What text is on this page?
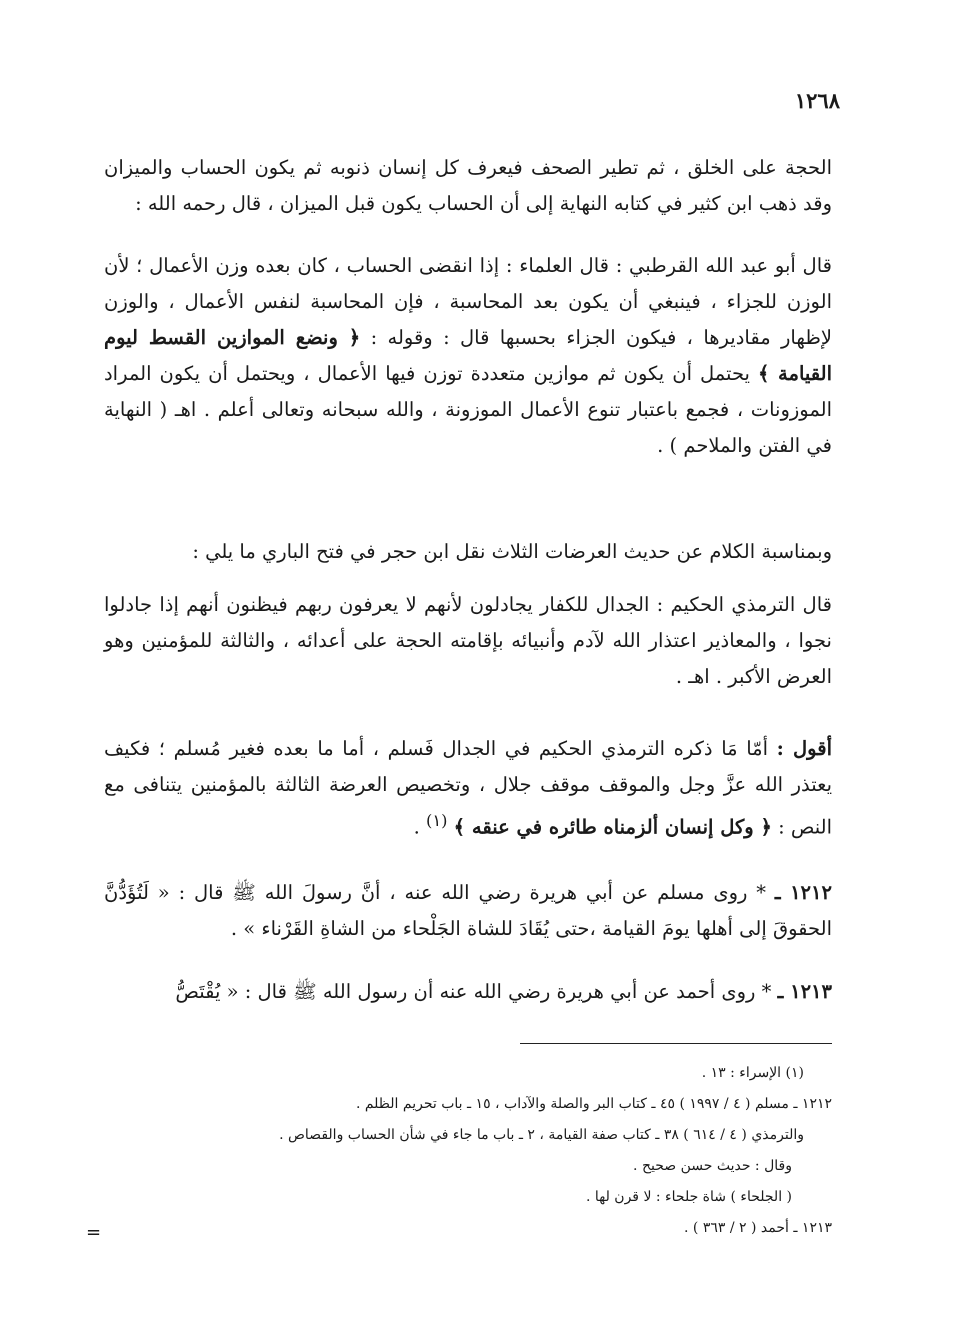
١٢٦٨
الحجة على الخلق ، ثم تطير الصحف فيعرف كل إنسان ذنوبه ثم يكون الحساب والميزان وقد ذهب ابن كثير في كتابه النهاية إلى أن الحساب يكون قبل الميزان ، قال رحمه الله :
قال أبو عبد الله القرطبي : قال العلماء : إذا انقضى الحساب ، كان بعده وزن الأعمال ؛ لأن الوزن للجزاء ، فينبغي أن يكون بعد المحاسبة ، فإن المحاسبة لنفس الأعمال ، والوزن لإظهار مقاديرها ، فيكون الجزاء بحسبها قال : وقوله : ﴿ ونضع الموازين القسط ليوم القيامة ﴾ يحتمل أن يكون ثم موازين متعددة توزن فيها الأعمال ، ويحتمل أن يكون المراد الموزونات ، فجمع باعتبار تنوع الأعمال الموزونة ، والله سبحانه وتعالى أعلم . اهـ ( النهاية في الفتن والملاحم ) .
وبمناسبة الكلام عن حديث العرضات الثلاث نقل ابن حجر في فتح الباري ما يلي :
قال الترمذي الحكيم : الجدال للكفار يجادلون لأنهم لا يعرفون ربهم فيظنون أنهم إذا جادلوا نجوا ، والمعاذير اعتذار الله لآدم وأنبيائه بإقامته الحجة على أعدائه ، والثالثة للمؤمنين وهو العرض الأكبر . اهـ .
أقول : أمّا مَا ذكره الترمذي الحكيم في الجدال فَسلم ، أما ما بعده فغير مُسلم ؛ فكيف يعتذر الله عزَّ وجل والموقف موقف جلال ، وتخصيص العرضة الثالثة بالمؤمنين يتنافى مع النص : ﴿ وكل إنسان ألزمناه طائره في عنقه ﴾ $^{(١)}$ .
١٢١٢ ـ * روى مسلم عن أبي هريرة رضي الله عنه ، أنَّ رسولَ الله ﷺ قال : « لَتُؤَدُّنَّ الحقوقَ إلى أهلها يومَ القيامة ،حتى يُقَادَ للشاة الجَلْحاء من الشاةِ القَرْناء » .
١٢١٣ ـ * روى أحمد عن أبي هريرة رضي الله عنه أن رسول الله ﷺ قال : « يُقْتَصُّ
(١) الإسراء : ١٣ .
١٢١٢ ـ مسلم ( ٤ / ١٩٩٧ ) ٤٥ ـ كتاب البر والصلة والآداب ، ١٥ ـ باب تحريم الظلم .
والترمذي ( ٤ / ٦١٤ ) ٣٨ ـ كتاب صفة القيامة ، ٢ ـ باب ما جاء في شأن الحساب والقصاص .
وقال : حديث حسن صحيح .
( الجلحاء ) شاة جلحاء : لا قرن لها .
١٢١٣ ـ أحمد ( ٢ / ٣٦٣ ) .
=
